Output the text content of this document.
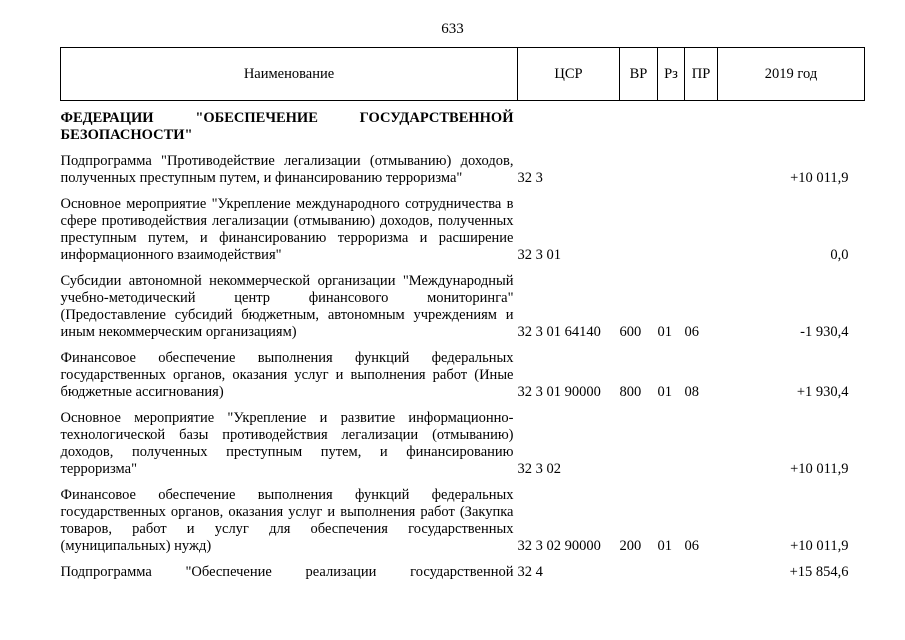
633
Наименование	ЦСР	ВР	Рз	ПР	2019 год
ФЕДЕРАЦИИ "ОБЕСПЕЧЕНИЕ ГОСУДАРСТВЕННОЙ БЕЗОПАСНОСТИ"					
Подпрограмма "Противодействие легализации (отмыванию) доходов, полученных преступным путем, и финансированию терроризма"	32 3				+10 011,9
Основное мероприятие "Укрепление международного сотрудничества в сфере противодействия легализации (отмыванию) доходов, полученных преступным путем, и финансированию терроризма и расширение информационного взаимодействия"	32 3 01				0,0
Субсидии автономной некоммерческой организации "Международный учебно-методический центр финансового мониторинга" (Предоставление субсидий бюджетным, автономным учреждениям и иным некоммерческим организациям)	32 3 01 64140	600	01	06	-1 930,4
Финансовое обеспечение выполнения функций федеральных государственных органов, оказания услуг и выполнения работ (Иные бюджетные ассигнования)	32 3 01 90000	800	01	08	+1 930,4
Основное мероприятие "Укрепление и развитие информационно-технологической базы противодействия легализации (отмыванию) доходов, полученных преступным путем, и финансированию терроризма"	32 3 02				+10 011,9
Финансовое обеспечение выполнения функций федеральных государственных органов, оказания услуг и выполнения работ (Закупка товаров, работ и услуг для обеспечения государственных (муниципальных) нужд)	32 3 02 90000	200	01	06	+10 011,9
Подпрограмма "Обеспечение реализации государственной	32 4				+15 854,6
